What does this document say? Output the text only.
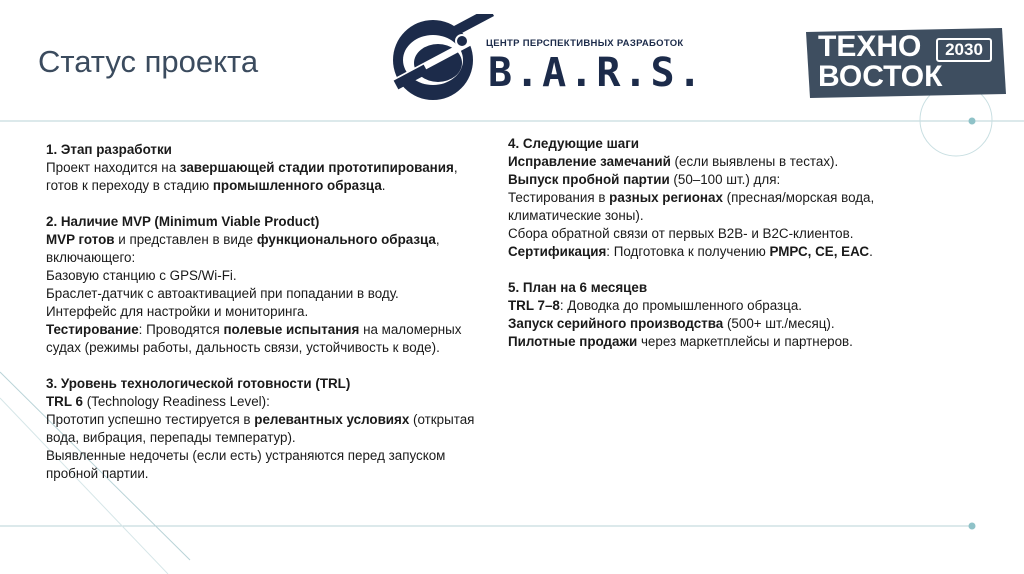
Статус проекта
ЦЕНТР ПЕРСПЕКТИВНЫХ РАЗРАБОТОК
B.A.R.S.
ТЕХНО
ВОСТОК
2030

1. Этап разработки

Проект находится на завершающей стадии прототипирования, готов к переходу в стадию промышленного образца.

2. Наличие MVP (Minimum Viable Product)

MVP готов и представлен в виде функционального образца, включающего:

Базовую станцию с GPS/Wi-Fi.

Браслет-датчик с автоактивацией при попадании в воду.

Интерфейс для настройки и мониторинга.

Тестирование: Проводятся полевые испытания на маломерных судах (режимы работы, дальность связи, устойчивость к воде).

3. Уровень технологической готовности (TRL)

TRL 6 (Technology Readiness Level):

Прототип успешно тестируется в релевантных условиях (открытая вода, вибрация, перепады температур).

Выявленные недочеты (если есть) устраняются перед запуском пробной партии.

4. Следующие шаги

Исправление замечаний (если выявлены в тестах).

Выпуск пробной партии (50–100 шт.) для:

Тестирования в разных регионах (пресная/морская вода, климатические зоны).

Сбора обратной связи от первых B2B- и B2C-клиентов.

Сертификация: Подготовка к получению РМРС, CE, ЕАС.

5. План на 6 месяцев

TRL 7–8: Доводка до промышленного образца.

Запуск серийного производства (500+ шт./месяц).

Пилотные продажи через маркетплейсы и партнеров.
